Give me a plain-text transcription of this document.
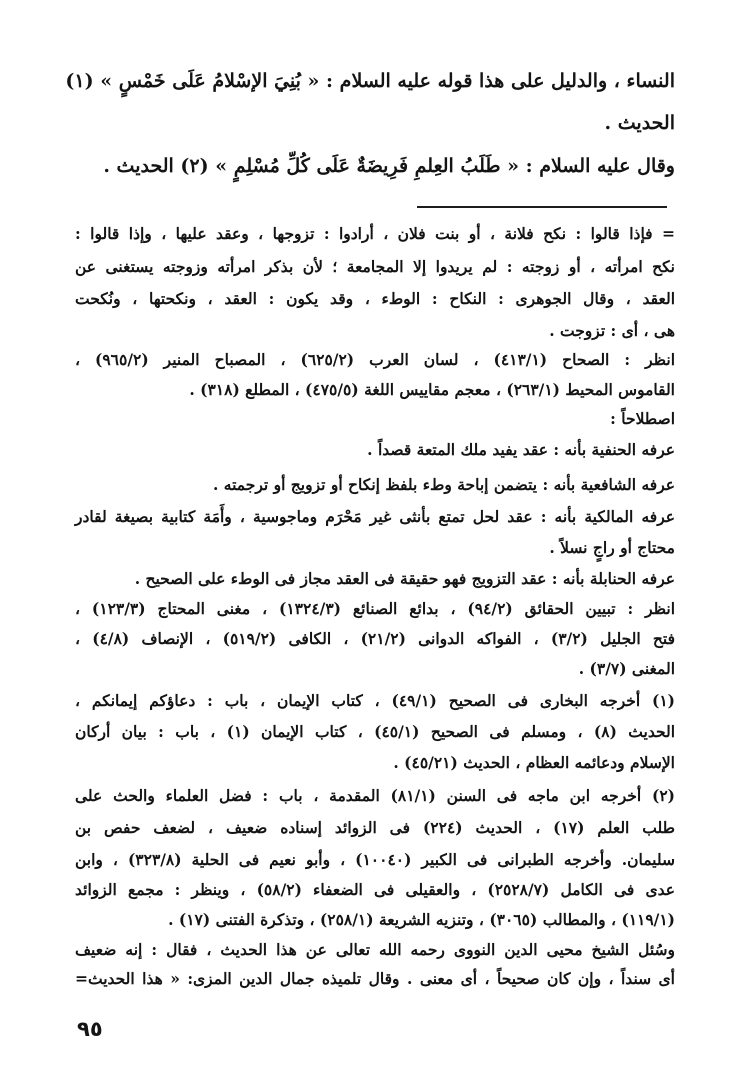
النساء ، والدليل على هذا قوله عليه السلام : « بُنِيَ الإسْلامُ عَلَى خَمْسٍ » (١)
الحديث .
وقال عليه السلام : « طَلَبُ العِلمِ فَرِيضَةٌ عَلَى كُلِّ مُسْلِمٍ » (٢) الحديث .
= فإذا قالوا : نكح فلانة ، أو بنت فلان ، أرادوا : تزوجها ، وعقد عليها ، وإذا قالوا :
نكح امرأته ، أو زوجته : لم يريدوا إلا المجامعة ؛ لأن بذكر امرأته وزوجته يستغنى عن
العقد ، وقال الجوهرى : النكاح : الوطء ، وقد يكون : العقد ، ونكحتها ، ونُكحت
هى ، أى : تزوجت .
انظر : الصحاح (٤١٣/١) ، لسان العرب (٦٢٥/٢) ، المصباح المنير (٩٦٥/٢) ،
القاموس المحيط (٢٦٣/١) ، معجم مقاييس اللغة (٤٧٥/٥) ، المطلع (٣١٨) .
اصطلاحاً :
عرفه الحنفية بأنه : عقد يفيد ملك المتعة قصداً .
عرفه الشافعية بأنه : يتضمن إباحة وطء بلفظ إنكاح أو تزويج أو ترجمته .
عرفه المالكية بأنه : عقد لحل تمتع بأنثى غير مَحْرَم وماجوسية ، وأَمَة كتابية بصيغة لقادر
محتاج أو راجٍ نسلاً .
عرفه الحنابلة بأنه : عقد التزويج فهو حقيقة فى العقد مجاز فى الوطء على الصحيح .
انظر : تبيين الحقائق (٩٤/٢) ، بدائع الصنائع (١٣٢٤/٣) ، مغنى المحتاج (١٢٣/٣) ،
فتح الجليل (٣/٢) ، الفواكه الدوانى (٢١/٢) ، الكافى (٥١٩/٢) ، الإنصاف (٤/٨) ،
المغنى (٣/٧) .
(١) أخرجه البخارى فى الصحيح (٤٩/١) ، كتاب الإيمان ، باب : دعاؤكم إيمانكم ،
الحديث (٨) ، ومسلم فى الصحيح (٤٥/١) ، كتاب الإيمان (١) ، باب : بيان أركان
الإسلام ودعائمه العظام ، الحديث (٤٥/٢١) .
(٢) أخرجه ابن ماجه فى السنن (٨١/١) المقدمة ، باب : فضل العلماء والحث على
طلب العلم (١٧) ، الحديث (٢٢٤) فى الزوائد إسناده ضعيف ، لضعف حفص بن
سليمان. وأخرجه الطبرانى فى الكبير (١٠٠٤٠) ، وأبو نعيم فى الحلية (٣٢٣/٨) ، وابن
عدى فى الكامل (٢٥٢٨/٧) ، والعقيلى فى الضعفاء (٥٨/٢) ، وينظر : مجمع الزوائد
(١١٩/١) ، والمطالب (٣٠٦٥) ، وتنزيه الشريعة (٢٥٨/١) ، وتذكرة الفتنى (١٧) .
وسُئل الشيخ محيى الدين النووى رحمه الله تعالى عن هذا الحديث ، فقال : إنه ضعيف
أى سنداً ، وإن كان صحيحاً ، أى معنى . وقال تلميذه جمال الدين المزى: « هذا الحديث=
٩٥
